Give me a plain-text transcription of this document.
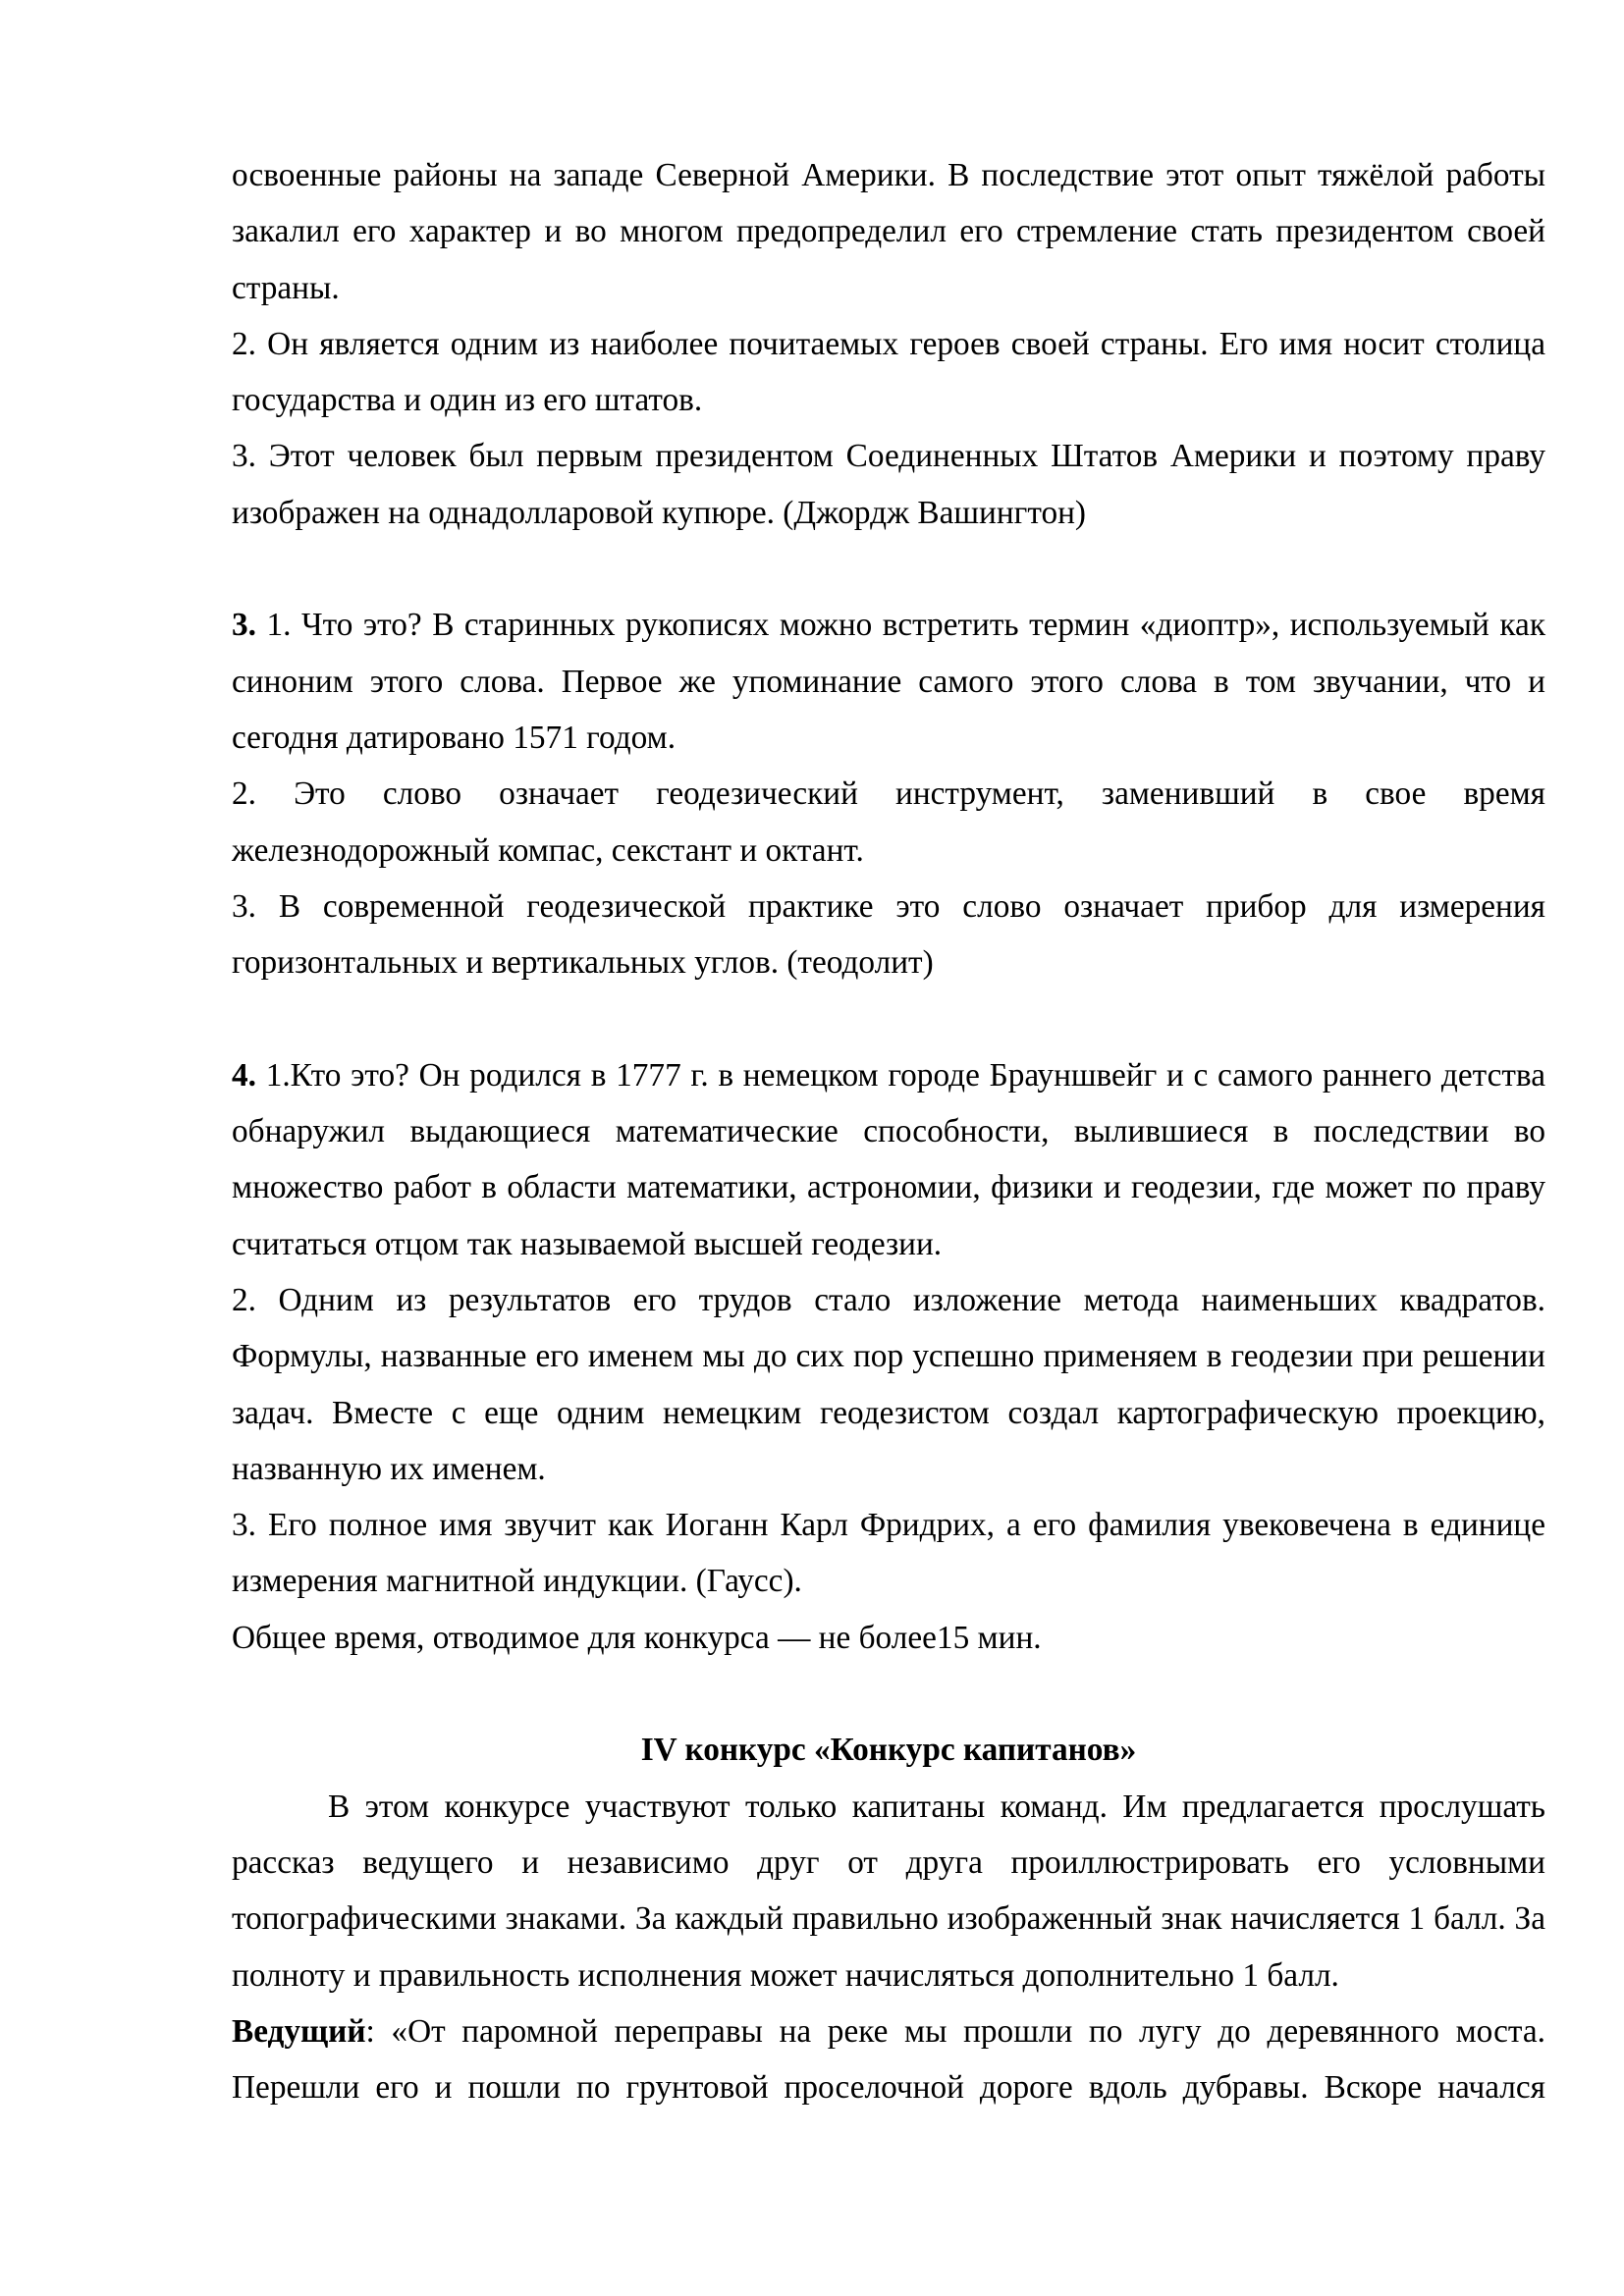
освоенные районы на западе Северной Америки. В последствие этот опыт тяжёлой работы закалил его характер и во многом предопределил его стремление стать президентом своей страны.

2. Он является одним из наиболее почитаемых героев своей страны. Его имя носит столица государства и один из его штатов.

3. Этот человек был первым президентом Соединенных Штатов Америки и поэтому праву изображен на однадолларовой купюре. (Джордж Вашингтон)

3. 1. Что это? В старинных рукописях можно встретить термин «диоптр», используемый как синоним этого слова. Первое же упоминание самого этого слова в том звучании, что и сегодня датировано 1571 годом.

2. Это слово означает геодезический инструмент, заменивший в свое время железнодорожный компас, секстант и октант.

3. В современной геодезической практике это слово означает прибор для измерения горизонтальных и вертикальных углов. (теодолит)

4. 1.Кто это? Он родился в 1777 г. в немецком городе Брауншвейг и с самого раннего детства обнаружил выдающиеся математические способности, вылившиеся в последствии во множество работ в области математики, астрономии, физики и геодезии, где может по праву считаться отцом так называемой высшей геодезии.

2. Одним из результатов его трудов стало изложение метода наименьших квадратов. Формулы, названные его именем мы до сих пор успешно применяем в геодезии при решении задач. Вместе с еще одним немецким геодезистом создал картографическую проекцию, названную их именем.

3. Его полное имя звучит как Иоганн Карл Фридрих, а его фамилия увековечена в единице измерения магнитной индукции. (Гаусс).

Общее время, отводимое для конкурса — не более15 мин.

IV конкурс «Конкурс капитанов»

В этом конкурсе участвуют только капитаны команд. Им предлагается прослушать рассказ ведущего и независимо друг от друга проиллюстрировать его условными топографическими знаками. За каждый правильно изображенный знак начисляется 1 балл. За полноту и правильность исполнения может начисляться дополнительно 1 балл.

Ведущий: «От паромной переправы на реке мы прошли по лугу до деревянного моста. Перешли его и пошли по грунтовой проселочной дороге вдоль дубравы. Вскоре начался
